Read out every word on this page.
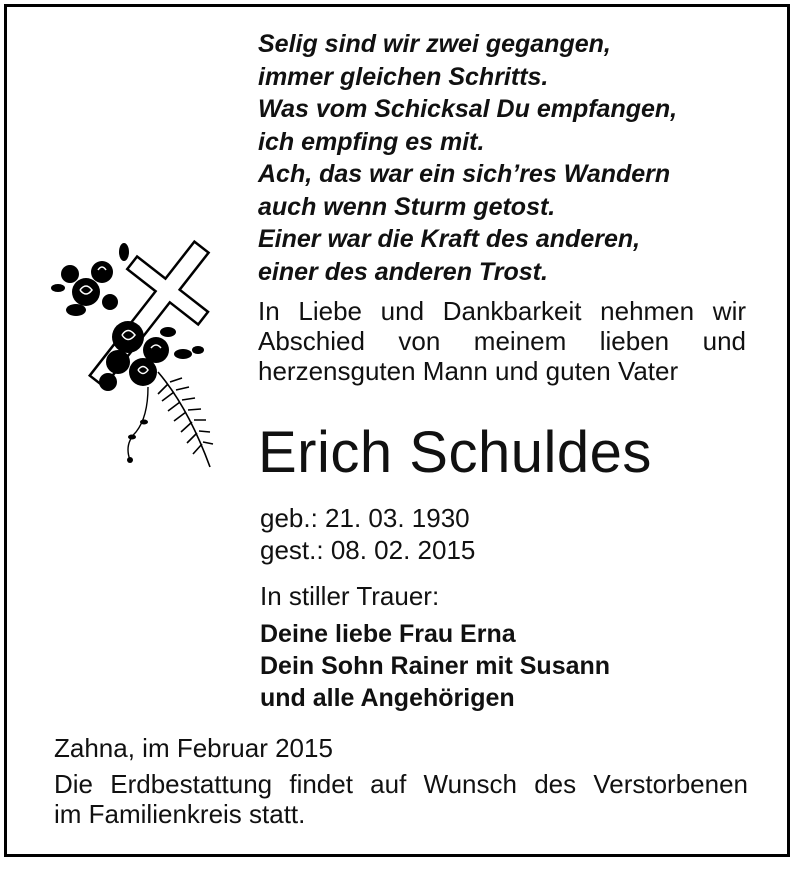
Selig sind wir zwei gegangen,
immer gleichen Schritts.
Was vom Schicksal Du empfangen,
ich empfing es mit.
Ach, das war ein sich’res Wandern
auch wenn Sturm getost.
Einer war die Kraft des anderen,
einer des anderen Trost.
In Liebe und Dankbarkeit nehmen wir
Abschied von meinem lieben und
herzensguten Mann und guten Vater
Erich Schuldes
geb.: 21. 03. 1930
gest.: 08. 02. 2015
In stiller Trauer:
Deine liebe Frau Erna
Dein Sohn Rainer mit Susann
und alle Angehörigen
Zahna, im Februar 2015
Die Erdbestattung findet auf Wunsch des Verstorbenen
im Familienkreis statt.
